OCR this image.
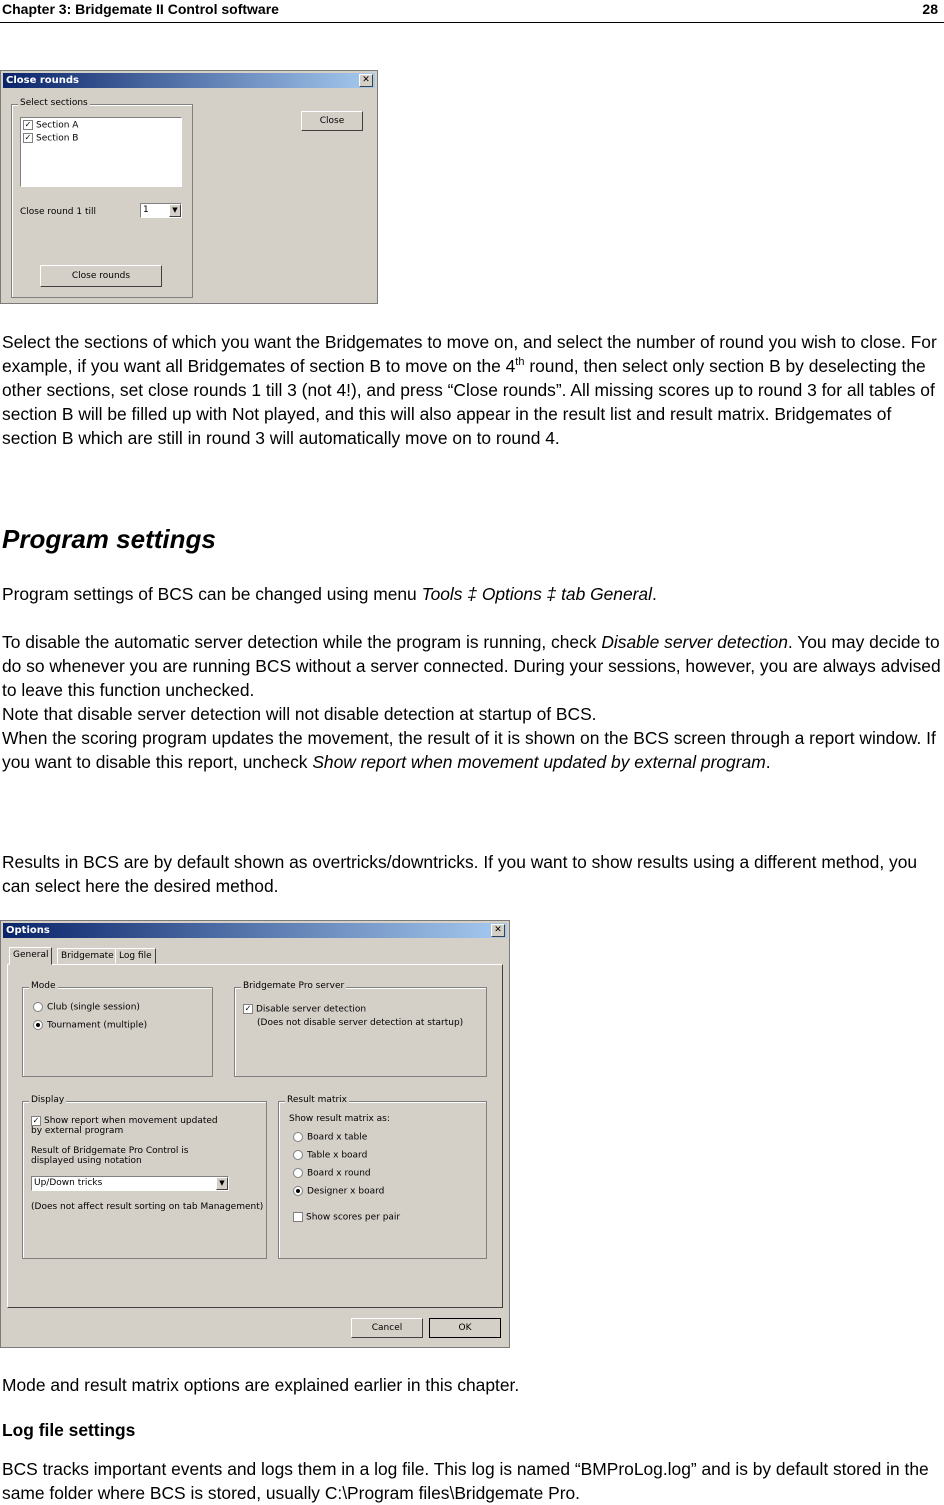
Chapter 3: Bridgemate II Control software	28
Close rounds	✕
Select sections
✓ Section A
✓ Section B
Close round 1 till	1	▼
Close rounds
Close

Select the sections of which you want the Bridgemates to move on, and select the number of round you wish to close. For example, if you want all Bridgemates of section B to move on the 4th round, then select only section B by deselecting the other sections, set close rounds 1 till 3 (not 4!), and press “Close rounds”. All missing scores up to round 3 for all tables of section B will be filled up with Not played, and this will also appear in the result list and result matrix. Bridgemates of section B which are still in round 3 will automatically move on to round 4.

Program settings

Program settings of BCS can be changed using menu Tools ‡ Options ‡ tab General.

To disable the automatic server detection while the program is running, check Disable server detection. You may decide to do so whenever you are running BCS without a server connected. During your sessions, however, you are always advised to leave this function unchecked.
Note that disable server detection will not disable detection at startup of BCS.

When the scoring program updates the movement, the result of it is shown on the BCS screen through a report window. If you want to disable this report, uncheck Show report when movement updated by external program.

Results in BCS are by default shown as overtricks/downtricks. If you want to show results using a different method, you can select here the desired method.

Options	✕
General	Bridgemate Log file
Mode
Club (single session)
Tournament (multiple)
Bridgemate Pro server
✓ Disable server detection
(Does not disable server detection at startup)
Display
✓ Show report when movement updated by external program
Result of Bridgemate Pro Control is displayed using notation
Up/Down tricks	▼
(Does not affect result sorting on tab Management)
Result matrix
Show result matrix as:
Board x table
Table x board
Board x round
Designer x board
Show scores per pair
Cancel	OK

Mode and result matrix options are explained earlier in this chapter.

Log file settings

BCS tracks important events and logs them in a log file. This log is named “BMProLog.log” and is by default stored in the same folder where BCS is stored, usually C:\Program files\Bridgemate Pro.
